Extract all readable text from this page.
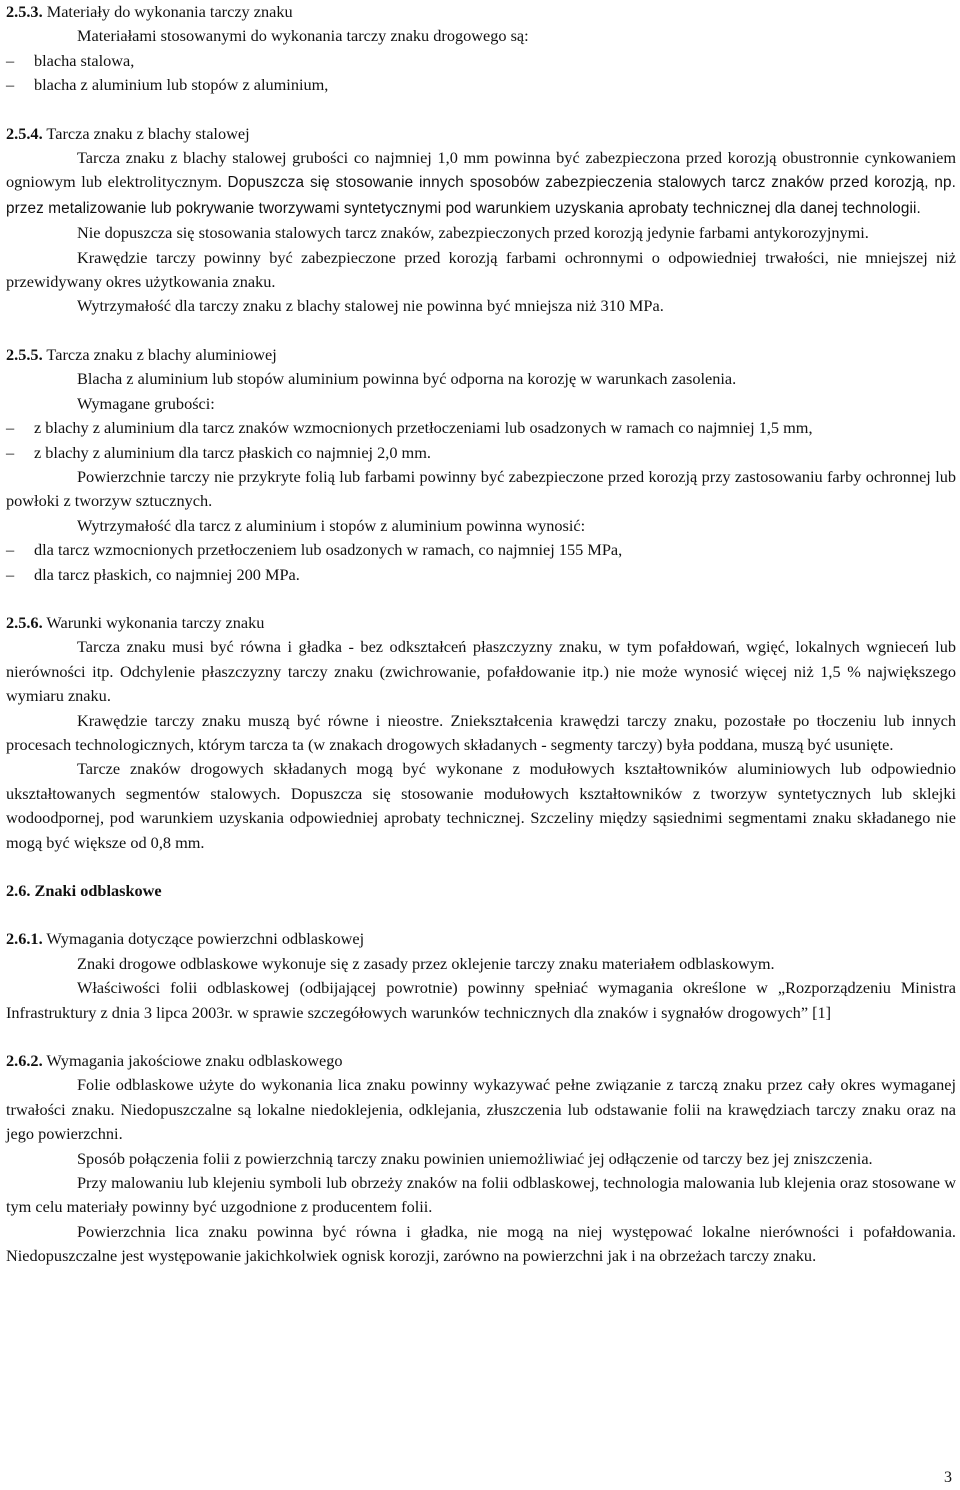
2.5.3. Materiały do wykonania tarczy znaku

Materiałami stosowanymi do wykonania tarczy znaku drogowego są:

– blacha stalowa,

– blacha z aluminium lub stopów z aluminium,

2.5.4. Tarcza znaku z blachy stalowej

Tarcza znaku z blachy stalowej grubości co najmniej 1,0 mm powinna być zabezpieczona przed korozją obustronnie cynkowaniem ogniowym lub elektrolitycznym. Dopuszcza się stosowanie innych sposobów zabezpieczenia stalowych tarcz znaków przed korozją, np. przez metalizowanie lub pokrywanie tworzywami syntetycznymi pod warunkiem uzyskania aprobaty technicznej dla danej technologii.

Nie dopuszcza się stosowania stalowych tarcz znaków, zabezpieczonych przed korozją jedynie farbami antykorozyjnymi.

Krawędzie tarczy powinny być zabezpieczone przed korozją farbami ochronnymi o odpowiedniej trwałości, nie mniejszej niż przewidywany okres użytkowania znaku.

Wytrzymałość dla tarczy znaku z blachy stalowej nie powinna być mniejsza niż 310 MPa.

2.5.5. Tarcza znaku z blachy aluminiowej

Blacha z aluminium lub stopów aluminium powinna być odporna na korozję w warunkach zasolenia.

Wymagane grubości:

– z blachy z aluminium dla tarcz znaków wzmocnionych przetłoczeniami lub osadzonych w ramach co najmniej 1,5 mm,

– z blachy z aluminium dla tarcz płaskich co najmniej 2,0 mm.

Powierzchnie tarczy nie przykryte folią lub farbami powinny być zabezpieczone przed korozją przy zastosowaniu farby ochronnej lub powłoki z tworzyw sztucznych.

Wytrzymałość dla tarcz z aluminium i stopów z aluminium powinna wynosić:

– dla tarcz wzmocnionych przetłoczeniem lub osadzonych w ramach, co najmniej 155 MPa,

– dla tarcz płaskich, co najmniej 200 MPa.

2.5.6. Warunki wykonania tarczy znaku

Tarcza znaku musi być równa i gładka - bez odkształceń płaszczyzny znaku, w tym pofałdowań, wgięć, lokalnych wgnieceń lub nierówności itp. Odchylenie płaszczyzny tarczy znaku (zwichrowanie, pofałdowanie itp.) nie może wynosić więcej niż 1,5 % największego wymiaru znaku.

Krawędzie tarczy znaku muszą być równe i nieostre. Zniekształcenia krawędzi tarczy znaku, pozostałe po tłoczeniu lub innych procesach technologicznych, którym tarcza ta (w znakach drogowych składanych - segmenty tarczy) była poddana, muszą być usunięte.

Tarcze znaków drogowych składanych mogą być wykonane z modułowych kształtowników aluminiowych lub odpowiednio ukształtowanych segmentów stalowych. Dopuszcza się stosowanie modułowych kształtowników z tworzyw syntetycznych lub sklejki wodoodpornej, pod warunkiem uzyskania odpowiedniej aprobaty technicznej. Szczeliny między sąsiednimi segmentami znaku składanego nie mogą być większe od 0,8 mm.

2.6. Znaki odblaskowe

2.6.1. Wymagania dotyczące powierzchni odblaskowej

Znaki drogowe odblaskowe wykonuje się z zasady przez oklejenie tarczy znaku materiałem odblaskowym.

Właściwości folii odblaskowej (odbijającej powrotnie) powinny spełniać wymagania określone w „Rozporządzeniu Ministra Infrastruktury z dnia 3 lipca 2003r. w sprawie szczegółowych warunków technicznych dla znaków i sygnałów drogowych” [1]

2.6.2. Wymagania jakościowe znaku odblaskowego

Folie odblaskowe użyte do wykonania lica znaku powinny wykazywać pełne związanie z tarczą znaku przez cały okres wymaganej trwałości znaku. Niedopuszczalne są lokalne niedoklejenia, odklejania, złuszczenia lub odstawanie folii na krawędziach tarczy znaku oraz na jego powierzchni.

Sposób połączenia folii z powierzchnią tarczy znaku powinien uniemożliwiać jej odłączenie od tarczy bez jej zniszczenia.

Przy malowaniu lub klejeniu symboli lub obrzeży znaków na folii odblaskowej, technologia malowania lub klejenia oraz stosowane w tym celu materiały powinny być uzgodnione z producentem folii.

Powierzchnia lica znaku powinna być równa i gładka, nie mogą na niej występować lokalne nierówności i pofałdowania. Niedopuszczalne jest występowanie jakichkolwiek ognisk korozji, zarówno na powierzchni jak i na obrzeżach tarczy znaku.

3
